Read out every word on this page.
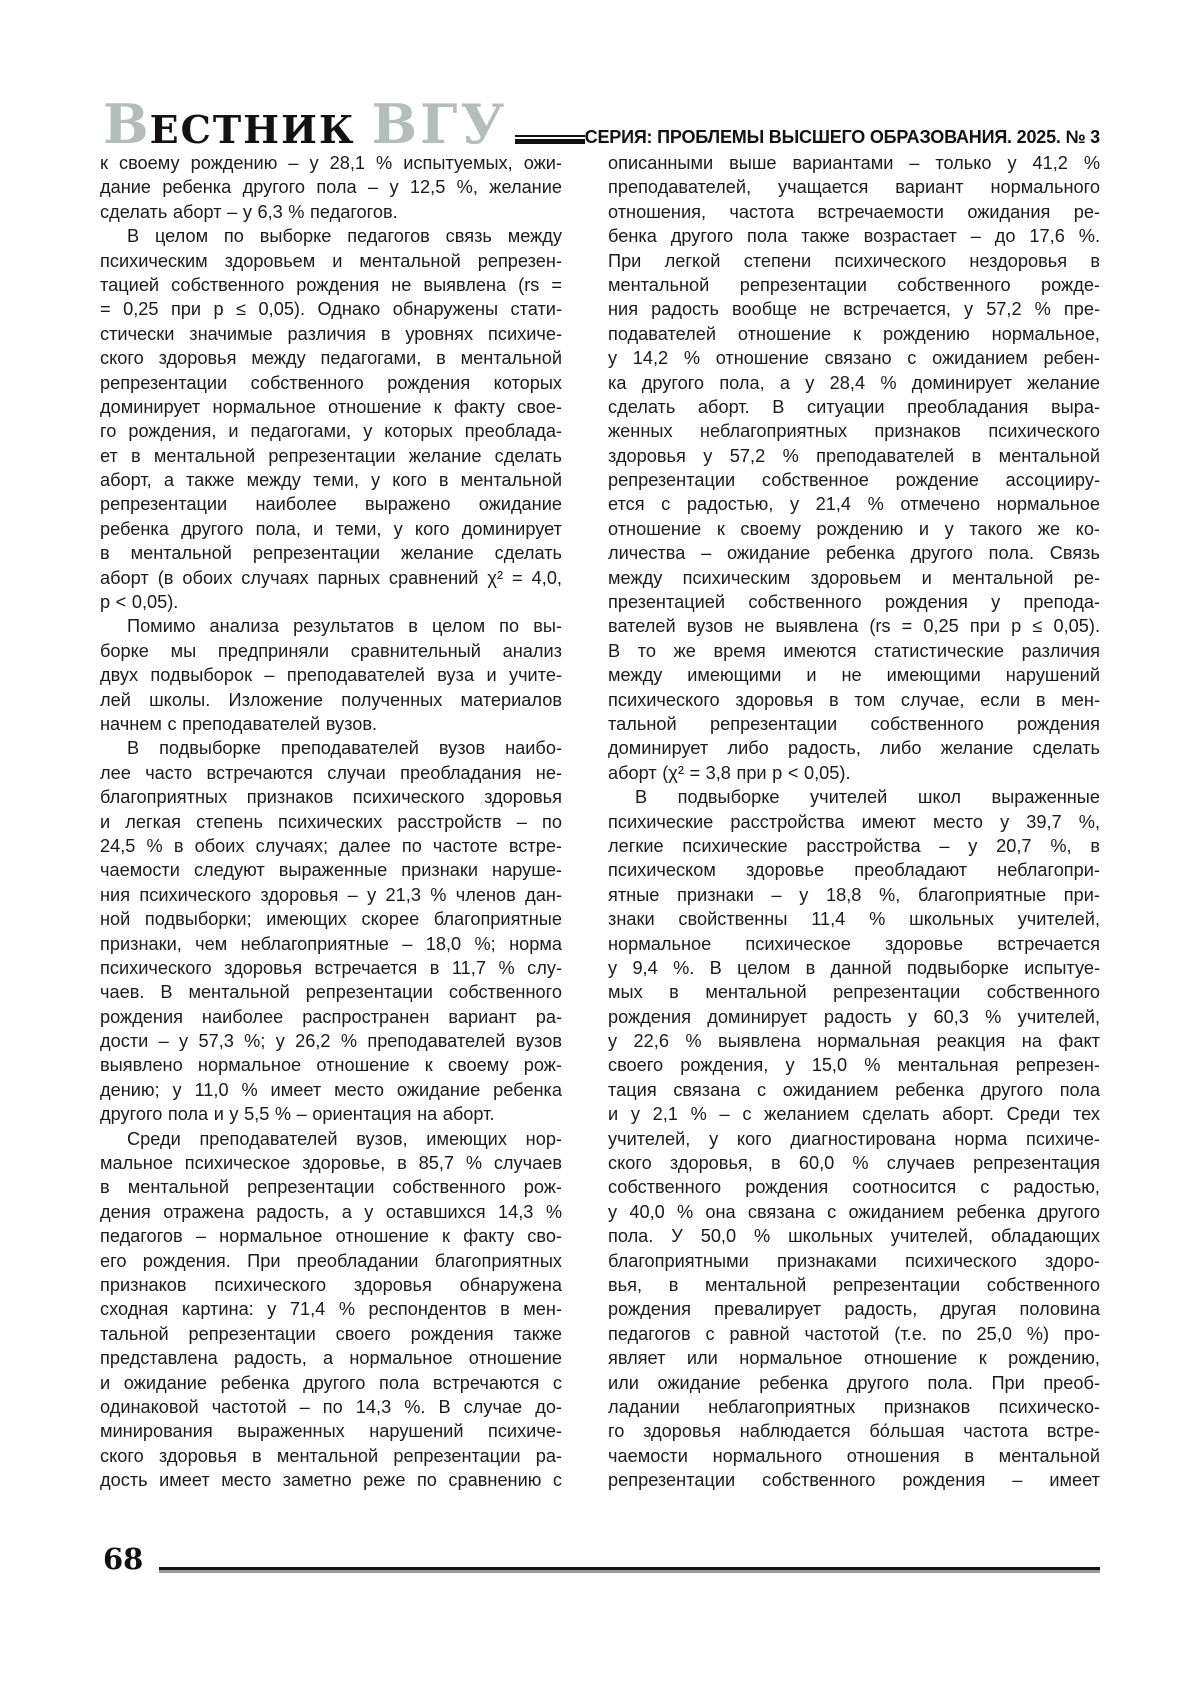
ВЕСТНИК ВГУ	СЕРИЯ: ПРОБЛЕМЫ ВЫСШЕГО ОБРАЗОВАНИЯ. 2025. № 3
к своему рождению – у 28,1 % испытуемых, ожи-
дание ребенка другого пола – у 12,5 %, желание
сделать аборт – у 6,3 % педагогов.
В целом по выборке педагогов связь между
психическим здоровьем и ментальной репрезен-
тацией собственного рождения не выявлена (rs =
= 0,25 при p ≤ 0,05). Однако обнаружены стати-
стически значимые различия в уровнях психиче-
ского здоровья между педагогами, в ментальной
репрезентации собственного рождения которых
доминирует нормальное отношение к факту свое-
го рождения, и педагогами, у которых преоблада-
ет в ментальной репрезентации желание сделать
аборт, а также между теми, у кого в ментальной
репрезентации наиболее выражено ожидание
ребенка другого пола, и теми, у кого доминирует
в ментальной репрезентации желание сделать
аборт (в обоих случаях парных сравнений χ² = 4,0,
p < 0,05).
Помимо анализа результатов в целом по вы-
борке мы предприняли сравнительный анализ
двух подвыборок – преподавателей вуза и учите-
лей школы. Изложение полученных материалов
начнем с преподавателей вузов.
В подвыборке преподавателей вузов наибо-
лее часто встречаются случаи преобладания не-
благоприятных признаков психического здоровья
и легкая степень психических расстройств – по
24,5 % в обоих случаях; далее по частоте встре-
чаемости следуют выраженные признаки наруше-
ния психического здоровья – у 21,3 % членов дан-
ной подвыборки; имеющих скорее благоприятные
признаки, чем неблагоприятные – 18,0 %; норма
психического здоровья встречается в 11,7 % слу-
чаев. В ментальной репрезентации собственного
рождения наиболее распространен вариант ра-
дости – у 57,3 %; у 26,2 % преподавателей вузов
выявлено нормальное отношение к своему рож-
дению; у 11,0 % имеет место ожидание ребенка
другого пола и у 5,5 % – ориентация на аборт.
Среди преподавателей вузов, имеющих нор-
мальное психическое здоровье, в 85,7 % случаев
в ментальной репрезентации собственного рож-
дения отражена радость, а у оставшихся 14,3 %
педагогов – нормальное отношение к факту сво-
его рождения. При преобладании благоприятных
признаков психического здоровья обнаружена
сходная картина: у 71,4 % респондентов в мен-
тальной репрезентации своего рождения также
представлена радость, а нормальное отношение
и ожидание ребенка другого пола встречаются с
одинаковой частотой – по 14,3 %. В случае до-
минирования выраженных нарушений психиче-
ского здоровья в ментальной репрезентации ра-
дость имеет место заметно реже по сравнению с
описанными выше вариантами – только у 41,2 %
преподавателей, учащается вариант нормального
отношения, частота встречаемости ожидания ре-
бенка другого пола также возрастает – до 17,6 %.
При легкой степени психического нездоровья в
ментальной репрезентации собственного рожде-
ния радость вообще не встречается, у 57,2 % пре-
подавателей отношение к рождению нормальное,
у 14,2 % отношение связано с ожиданием ребен-
ка другого пола, а у 28,4 % доминирует желание
сделать аборт. В ситуации преобладания выра-
женных неблагоприятных признаков психического
здоровья у 57,2 % преподавателей в ментальной
репрезентации собственное рождение ассоцииру-
ется с радостью, у 21,4 % отмечено нормальное
отношение к своему рождению и у такого же ко-
личества – ожидание ребенка другого пола. Связь
между психическим здоровьем и ментальной ре-
презентацией собственного рождения у препода-
вателей вузов не выявлена (rs = 0,25 при p ≤ 0,05).
В то же время имеются статистические различия
между имеющими и не имеющими нарушений
психического здоровья в том случае, если в мен-
тальной репрезентации собственного рождения
доминирует либо радость, либо желание сделать
аборт (χ² = 3,8 при p < 0,05).
В подвыборке учителей школ выраженные
психические расстройства имеют место у 39,7 %,
легкие психические расстройства – у 20,7 %, в
психическом здоровье преобладают неблагопри-
ятные признаки – у 18,8 %, благоприятные при-
знаки свойственны 11,4 % школьных учителей,
нормальное психическое здоровье встречается
у 9,4 %. В целом в данной подвыборке испытуе-
мых в ментальной репрезентации собственного
рождения доминирует радость у 60,3 % учителей,
у 22,6 % выявлена нормальная реакция на факт
своего рождения, у 15,0 % ментальная репрезен-
тация связана с ожиданием ребенка другого пола
и у 2,1 % – с желанием сделать аборт. Среди тех
учителей, у кого диагностирована норма психиче-
ского здоровья, в 60,0 % случаев репрезентация
собственного рождения соотносится с радостью,
у 40,0 % она связана с ожиданием ребенка другого
пола. У 50,0 % школьных учителей, обладающих
благоприятными признаками психического здоро-
вья, в ментальной репрезентации собственного
рождения превалирует радость, другая половина
педагогов с равной частотой (т.е. по 25,0 %) про-
являет или нормальное отношение к рождению,
или ожидание ребенка другого пола. При преоб-
ладании неблагоприятных признаков психическо-
го здоровья наблюдается бо́льшая частота встре-
чаемости нормального отношения в ментальной
репрезентации собственного рождения – имеет
68
